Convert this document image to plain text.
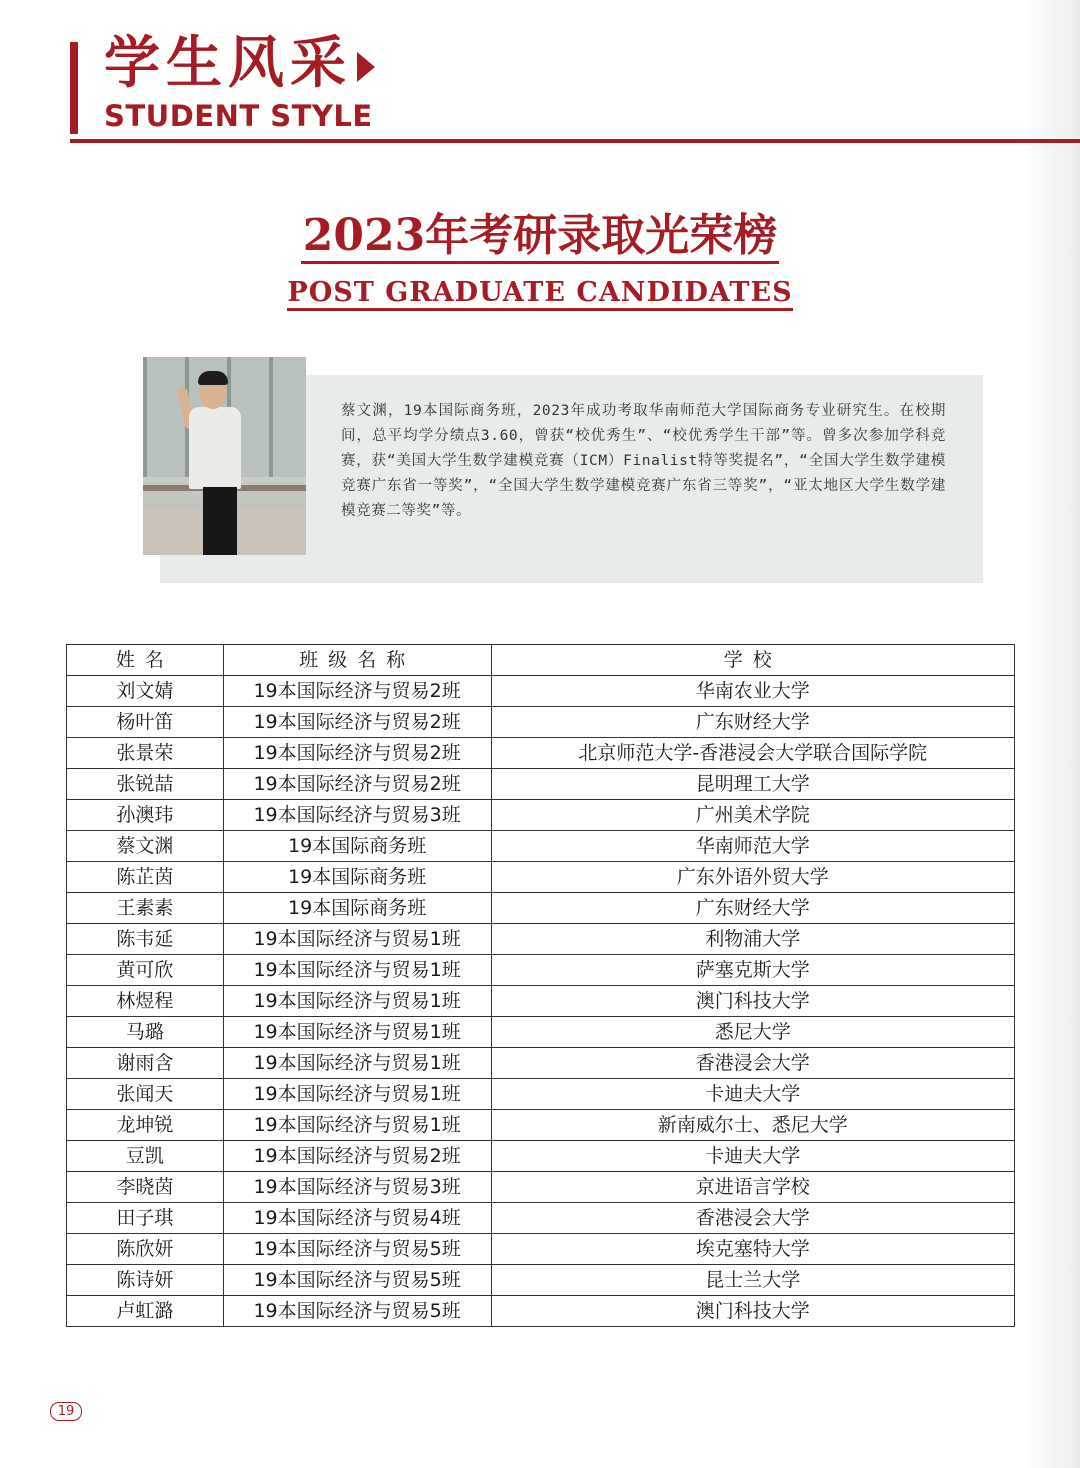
学生风采
STUDENT STYLE
2023年考研录取光荣榜
POST GRADUATE CANDIDATES
蔡文渊，19本国际商务班，2023年成功考取华南师范大学国际商务专业研究生。在校期间，总平均学分绩点3.60，曾获“校优秀生”、“校优秀学生干部”等。曾多次参加学科竞赛，获“美国大学生数学建模竞赛（ICM）Finalist特等奖提名”，“全国大学生数学建模竞赛广东省一等奖”，“全国大学生数学建模竞赛广东省三等奖”，“亚太地区大学生数学建模竞赛二等奖”等。
姓名	班级名称	学校
刘文婧	19本国际经济与贸易2班	华南农业大学
杨叶笛	19本国际经济与贸易2班	广东财经大学
张景荣	19本国际经济与贸易2班	北京师范大学-香港浸会大学联合国际学院
张锐喆	19本国际经济与贸易2班	昆明理工大学
孙澳玮	19本国际经济与贸易3班	广州美术学院
蔡文渊	19本国际商务班	华南师范大学
陈芷茵	19本国际商务班	广东外语外贸大学
王素素	19本国际商务班	广东财经大学
陈韦延	19本国际经济与贸易1班	利物浦大学
黄可欣	19本国际经济与贸易1班	萨塞克斯大学
林煜程	19本国际经济与贸易1班	澳门科技大学
马璐	19本国际经济与贸易1班	悉尼大学
谢雨含	19本国际经济与贸易1班	香港浸会大学
张闻天	19本国际经济与贸易1班	卡迪夫大学
龙坤锐	19本国际经济与贸易1班	新南威尔士、悉尼大学
豆凯	19本国际经济与贸易2班	卡迪夫大学
李晓茵	19本国际经济与贸易3班	京进语言学校
田子琪	19本国际经济与贸易4班	香港浸会大学
陈欣妍	19本国际经济与贸易5班	埃克塞特大学
陈诗妍	19本国际经济与贸易5班	昆士兰大学
卢虹潞	19本国际经济与贸易5班	澳门科技大学
19
